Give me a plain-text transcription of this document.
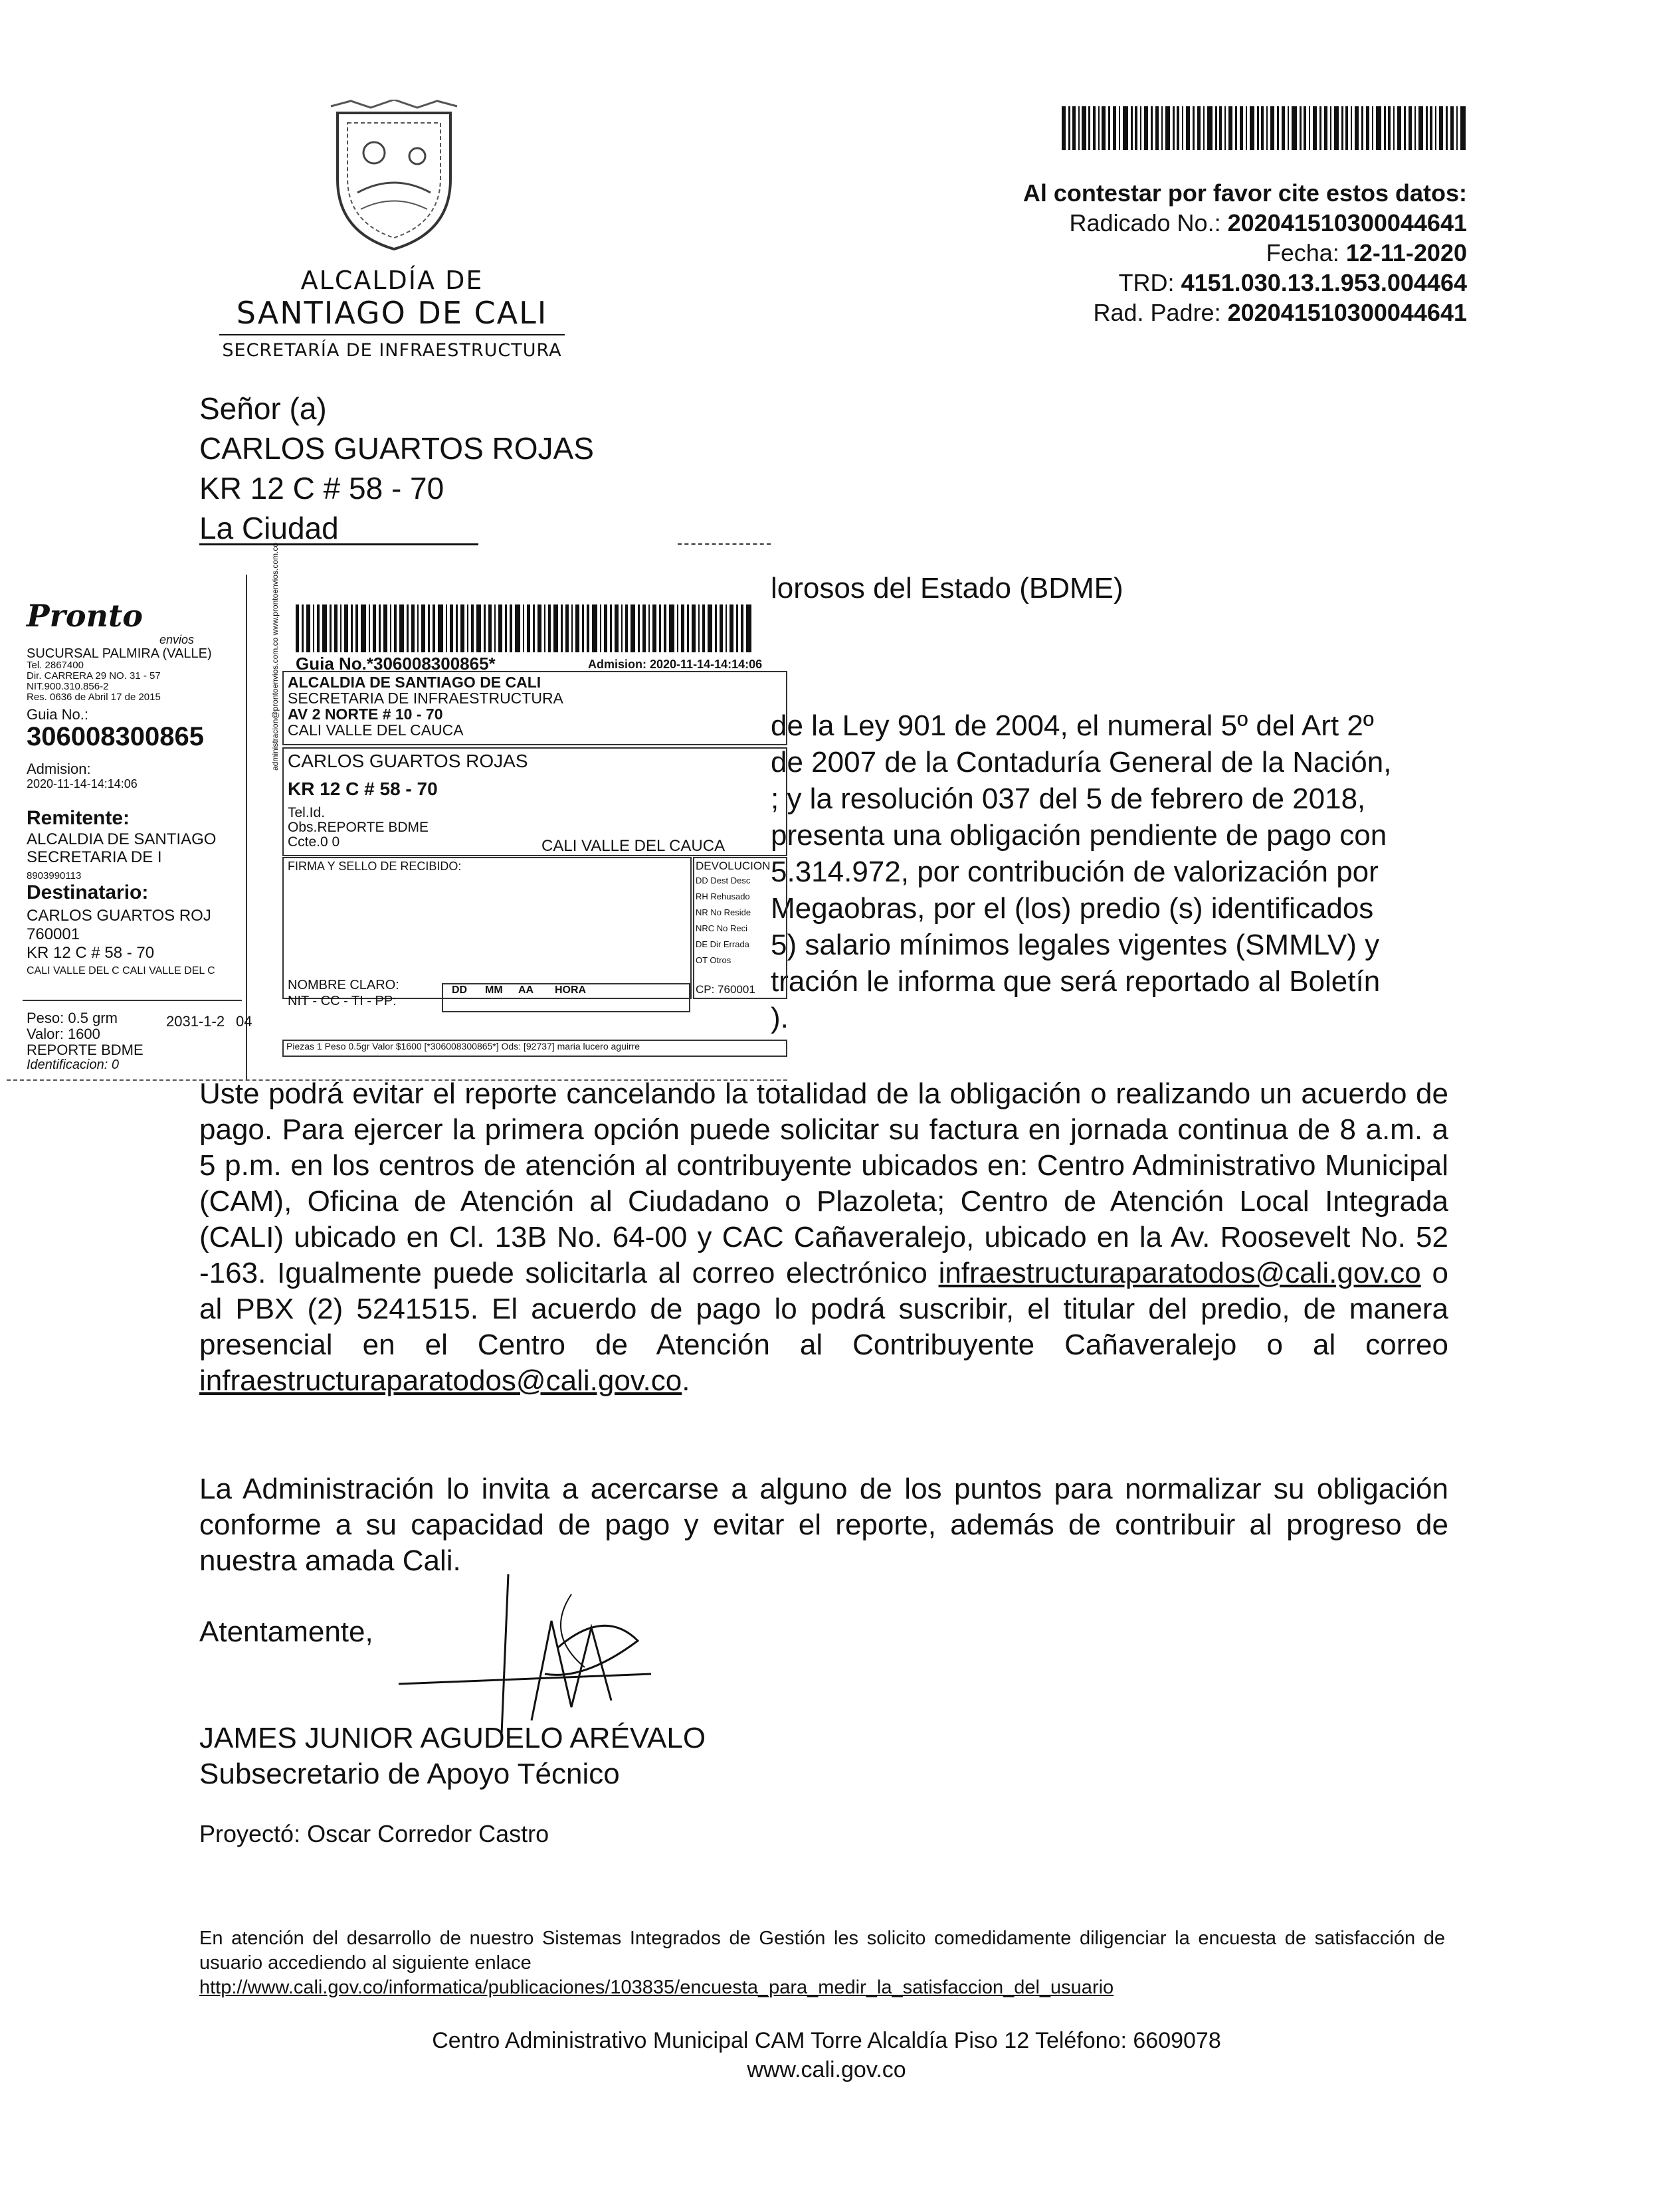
ALCALDÍA DE
SANTIAGO DE CALI
SECRETARÍA DE INFRAESTRUCTURA
Al contestar por favor cite estos datos:
Radicado No.: 202041510300044641
Fecha: 12-11-2020
TRD: 4151.030.13.1.953.004464
Rad. Padre: 202041510300044641
Señor (a)
CARLOS GUARTOS ROJAS
KR 12 C # 58 - 70
La Ciudad
lorosos del Estado (BDME)
de la Ley 901 de 2004, el numeral 5º del Art 2º
de 2007 de la Contaduría General de la Nación,
; y la resolución 037 del 5 de febrero de 2018,
presenta una obligación pendiente de pago con
5.314.972, por contribución de valorización por
Megaobras, por el (los) predio (s) identificados
5) salario mínimos legales vigentes (SMMLV) y
tración le informa que será reportado al Boletín
).
Pronto
envios
SUCURSAL PALMIRA (VALLE)
Tel. 2867400
Dir. CARRERA 29 NO. 31 - 57
NIT.900.310.856-2
Res. 0636 de Abril 17 de 2015
Guia No.:
306008300865
Admision:
2020-11-14-14:14:06
Remitente:
ALCALDIA DE SANTIAGO
SECRETARIA DE I
8903990113
Destinatario:
CARLOS GUARTOS ROJ
760001
KR 12 C # 58 - 70
CALI VALLE DEL C CALI VALLE DEL C
Peso: 0.5 grm
Valor: 1600
REPORTE BDME
Identificacion: 0
2031-1-2 04
Guia No.*306008300865*	Admision: 2020-11-14-14:14:06
ALCALDIA DE SANTIAGO DE CALI
SECRETARIA DE INFRAESTRUCTURA
AV 2 NORTE # 10 - 70
CALI VALLE DEL CAUCA
CARLOS GUARTOS ROJAS
KR 12 C # 58 - 70
Tel.Id.
Obs.REPORTE BDME
Ccte.0 0	CALI VALLE DEL CAUCA
FIRMA Y SELLO DE RECIBIDO:
NOMBRE CLARO:
NIT - CC - TI - PP:
DD MM AA HORA
DEVOLUCION
DD Dest Desc
RH Rehusado
NR No Reside
NRC No Reci
DE Dir Errada
OT Otros
CP: 760001
Piezas 1 Peso 0.5gr Valor $1600 [*306008300865*] Ods: [92737] maria lucero aguirre
administracion@prontoenvios.com.co www.prontoenvios.com.co
Uste podrá evitar el reporte cancelando la totalidad de la obligación o realizando un acuerdo de pago. Para ejercer la primera opción puede solicitar su factura en jornada continua de 8 a.m. a 5 p.m. en los centros de atención al contribuyente ubicados en: Centro Administrativo Municipal (CAM), Oficina de Atención al Ciudadano o Plazoleta; Centro de Atención Local Integrada (CALI) ubicado en Cl. 13B No. 64-00 y CAC Cañaveralejo, ubicado en la Av. Roosevelt No. 52 -163. Igualmente puede solicitarla al correo electrónico infraestructuraparatodos@cali.gov.co o al PBX (2) 5241515. El acuerdo de pago lo podrá suscribir, el titular del predio, de manera presencial en el Centro de Atención al Contribuyente Cañaveralejo o al correo infraestructuraparatodos@cali.gov.co.
La Administración lo invita a acercarse a alguno de los puntos para normalizar su obligación conforme a su capacidad de pago y evitar el reporte, además de contribuir al progreso de nuestra amada Cali.
Atentamente,
JAMES JUNIOR AGUDELO ARÉVALO
Subsecretario de Apoyo Técnico
Proyectó: Oscar Corredor Castro
En atención del desarrollo de nuestro Sistemas Integrados de Gestión les solicito comedidamente diligenciar la encuesta de satisfacción de usuario accediendo al siguiente enlace
http://www.cali.gov.co/informatica/publicaciones/103835/encuesta_para_medir_la_satisfaccion_del_usuario
Centro Administrativo Municipal CAM Torre Alcaldía Piso 12 Teléfono: 6609078
www.cali.gov.co
